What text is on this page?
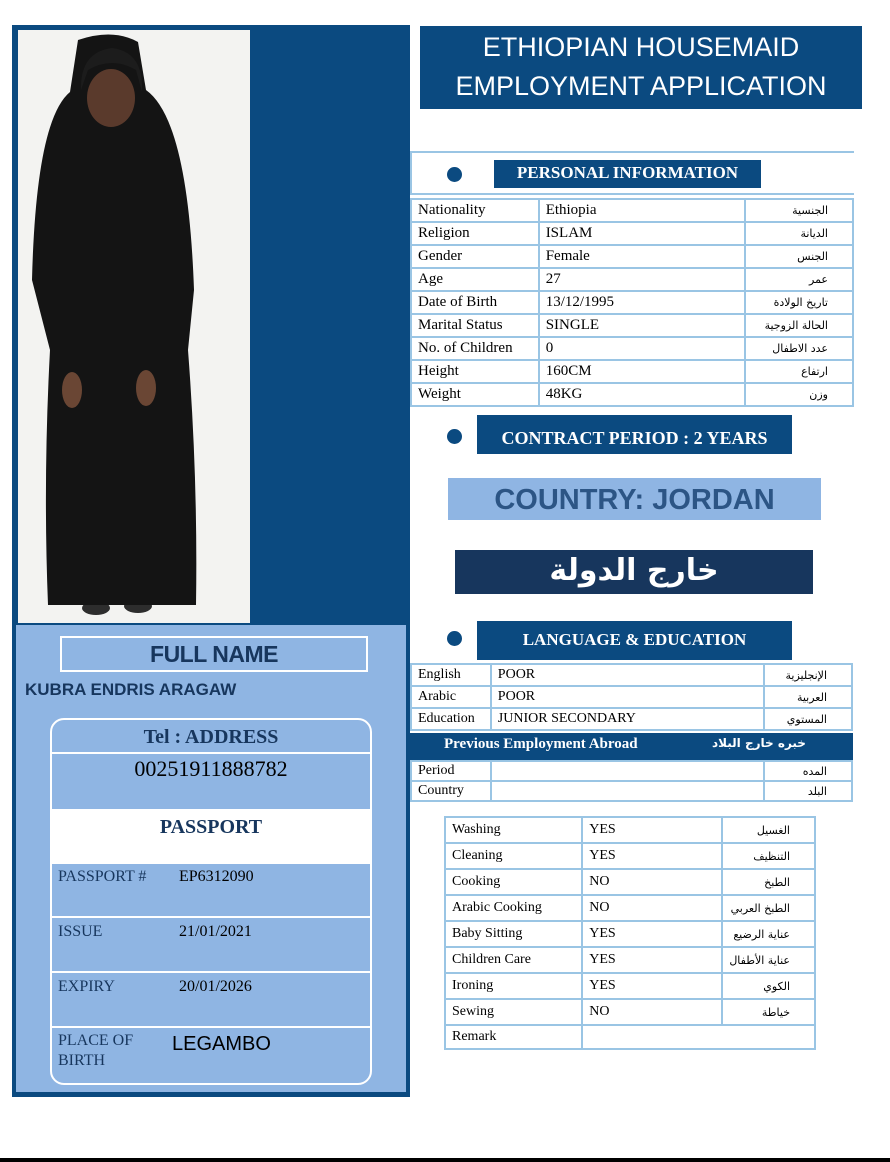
FULL NAME
KUBRA ENDRIS ARAGAW
Tel : ADDRESS
00251911888782
PASSPORT
PASSPORT # EP6312090
ISSUE	21/01/2021
EXPIRY	20/01/2026
PLACE OF BIRTH
LEGAMBO
ETHIOPIAN HOUSEMAID
EMPLOYMENT APPLICATION
PERSONAL INFORMATION
Nationality	Ethiopia	الجنسية
Religion	ISLAM	الديانة
Gender	Female	الجنس
Age	27	عمر
Date of Birth	13/12/1995	تاريخ الولادة
Marital Status	SINGLE	الحالة الزوجية
No. of Children	0	عدد الاطفال
Height	160CM	ارتفاع
Weight	48KG	وزن
CONTRACT PERIOD : 2 YEARS
COUNTRY: JORDAN
خارج الدولة
LANGUAGE & EDUCATION
English	POOR	الإنجليزية
Arabic	POOR	العربية
Education	JUNIOR SECONDARY	المستوي
Previous Employment Abroad	خبره خارج البلاد
Period		المده
Country		البلد
Washing	YES	الغسيل
Cleaning	YES	التنظيف
Cooking	NO	الطبخ
Arabic Cooking	NO	الطبخ العربي
Baby Sitting	YES	عناية الرضيع
Children Care	YES	عناية الأطفال
Ironing	YES	الكوي
Sewing	NO	خياطة
Remark		
